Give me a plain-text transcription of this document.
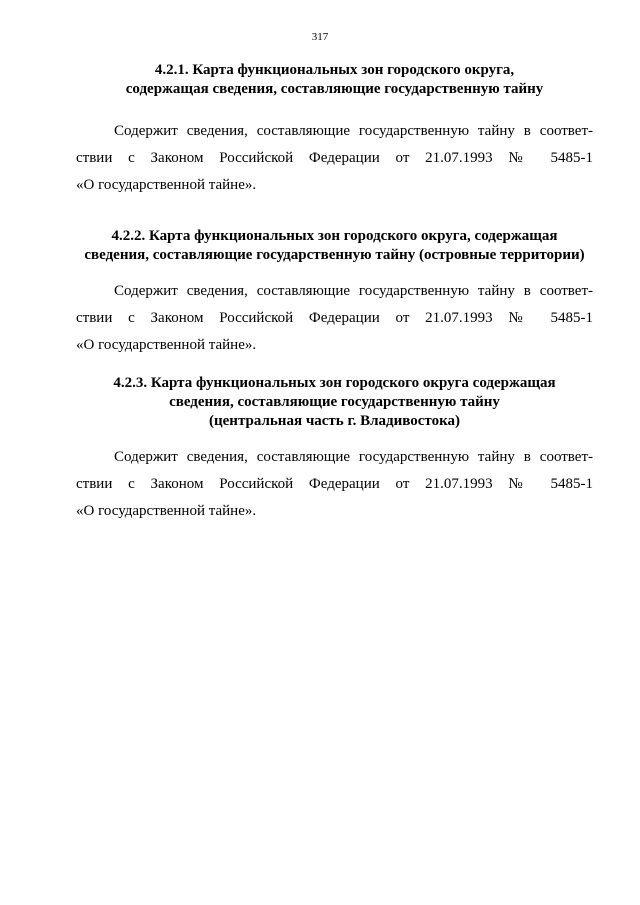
317
4.2.1. Карта функциональных зон городского округа,
содержащая сведения, составляющие государственную тайну
Содержит сведения, составляющие государственную тайну в соответ-
ствии с Законом Российской Федерации от 21.07.1993 № 5485-1
«О государственной тайне».
4.2.2. Карта функциональных зон городского округа, содержащая
сведения, составляющие государственную тайну (островные территории)
Содержит сведения, составляющие государственную тайну в соответ-
ствии с Законом Российской Федерации от 21.07.1993 № 5485-1
«О государственной тайне».
4.2.3. Карта функциональных зон городского округа содержащая
сведения, составляющие государственную тайну
(центральная часть г. Владивостока)
Содержит сведения, составляющие государственную тайну в соответ-
ствии с Законом Российской Федерации от 21.07.1993 № 5485-1
«О государственной тайне».
